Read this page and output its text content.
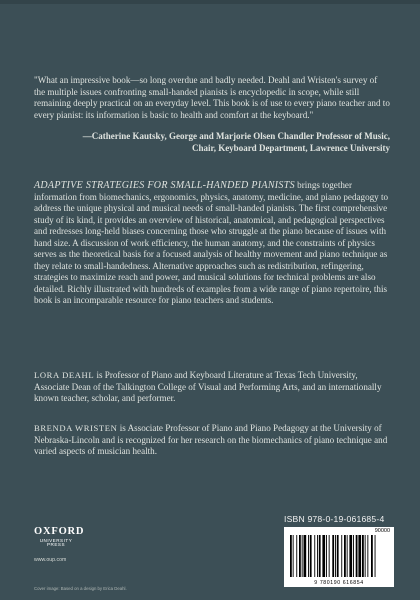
"What an impressive book—so long overdue and badly needed. Deahl and Wristen's survey of the multiple issues confronting small-handed pianists is encyclopedic in scope, while still remaining deeply practical on an everyday level. This book is of use to every piano teacher and to every pianist: its information is basic to health and comfort at the keyboard."

—Catherine Kautsky, George and Marjorie Olsen Chandler Professor of Music,
Chair, Keyboard Department, Lawrence University
ADAPTIVE STRATEGIES FOR SMALL-HANDED PIANISTS brings together information from biomechanics, ergonomics, physics, anatomy, medicine, and piano pedagogy to address the unique physical and musical needs of small-handed pianists. The first comprehensive study of its kind, it provides an overview of historical, anatomical, and pedagogical perspectives and redresses long-held biases concerning those who struggle at the piano because of issues with hand size. A discussion of work efficiency, the human anatomy, and the constraints of physics serves as the theoretical basis for a focused analysis of healthy movement and piano technique as they relate to small-handedness. Alternative approaches such as redistribution, refingering, strategies to maximize reach and power, and musical solutions for technical problems are also detailed. Richly illustrated with hundreds of examples from a wide range of piano repertoire, this book is an incomparable resource for piano teachers and students.
LORA DEAHL is Professor of Piano and Keyboard Literature at Texas Tech University, Associate Dean of the Talkington College of Visual and Performing Arts, and an internationally known teacher, scholar, and performer.
BRENDA WRISTEN is Associate Professor of Piano and Piano Pedagogy at the University of Nebraska-Lincoln and is recognized for her research on the biomechanics of piano technique and varied aspects of musician health.
OXFORD
UNIVERSITY PRESS
www.oup.com
Cover image: Based on a design by Erica Deahl.
ISBN 978-0-19-061685-4
90000
9 780190 616854
